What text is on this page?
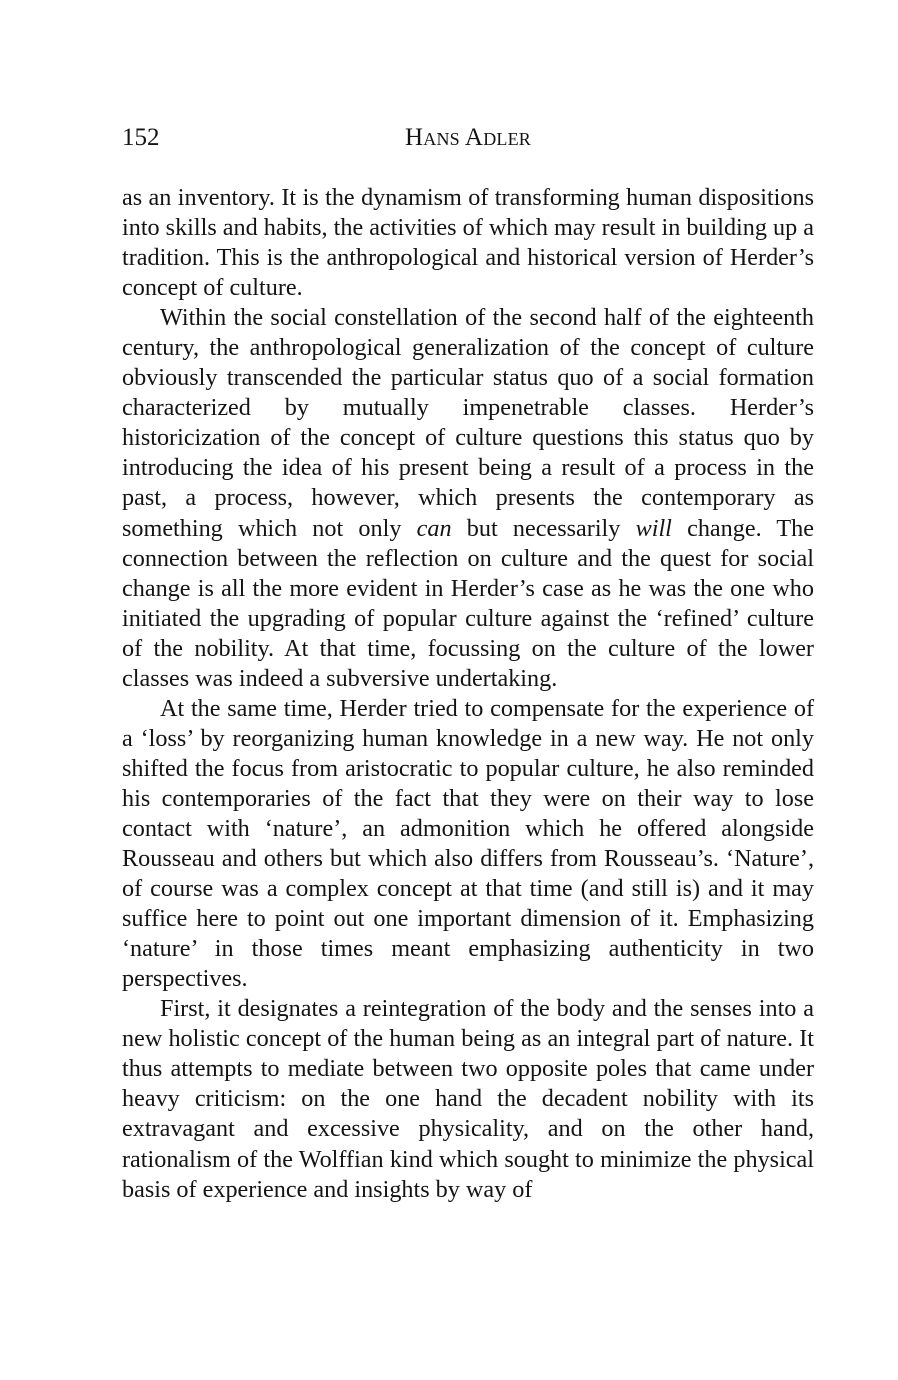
152	Hans Adler

as an inventory. It is the dynamism of transforming human dispositions into skills and habits, the activities of which may result in building up a tradition. This is the anthropological and historical version of Herder’s concept of culture.

Within the social constellation of the second half of the eighteenth century, the anthropological generalization of the concept of culture obviously transcended the particular status quo of a social formation characterized by mutually impenetrable classes. Herder’s historicization of the concept of culture questions this status quo by introducing the idea of his present being a result of a process in the past, a process, however, which presents the contemporary as something which not only can but necessarily will change. The connection between the reflection on culture and the quest for social change is all the more evident in Herder’s case as he was the one who initiated the upgrading of popular culture against the ‘refined’ culture of the nobility. At that time, focussing on the culture of the lower classes was indeed a subversive undertaking.

At the same time, Herder tried to compensate for the experience of a ‘loss’ by reorganizing human knowledge in a new way. He not only shifted the focus from aristocratic to popular culture, he also reminded his contemporaries of the fact that they were on their way to lose contact with ‘nature’, an admonition which he offered alongside Rousseau and others but which also differs from Rousseau’s. ‘Nature’, of course was a complex concept at that time (and still is) and it may suffice here to point out one important dimension of it. Emphasizing ‘nature’ in those times meant emphasizing authenticity in two perspectives.

First, it designates a reintegration of the body and the senses into a new holistic concept of the human being as an integral part of nature. It thus attempts to mediate between two opposite poles that came under heavy criticism: on the one hand the decadent nobility with its extravagant and excessive physicality, and on the other hand, rationalism of the Wolffian kind which sought to minimize the physical basis of experience and insights by way of
